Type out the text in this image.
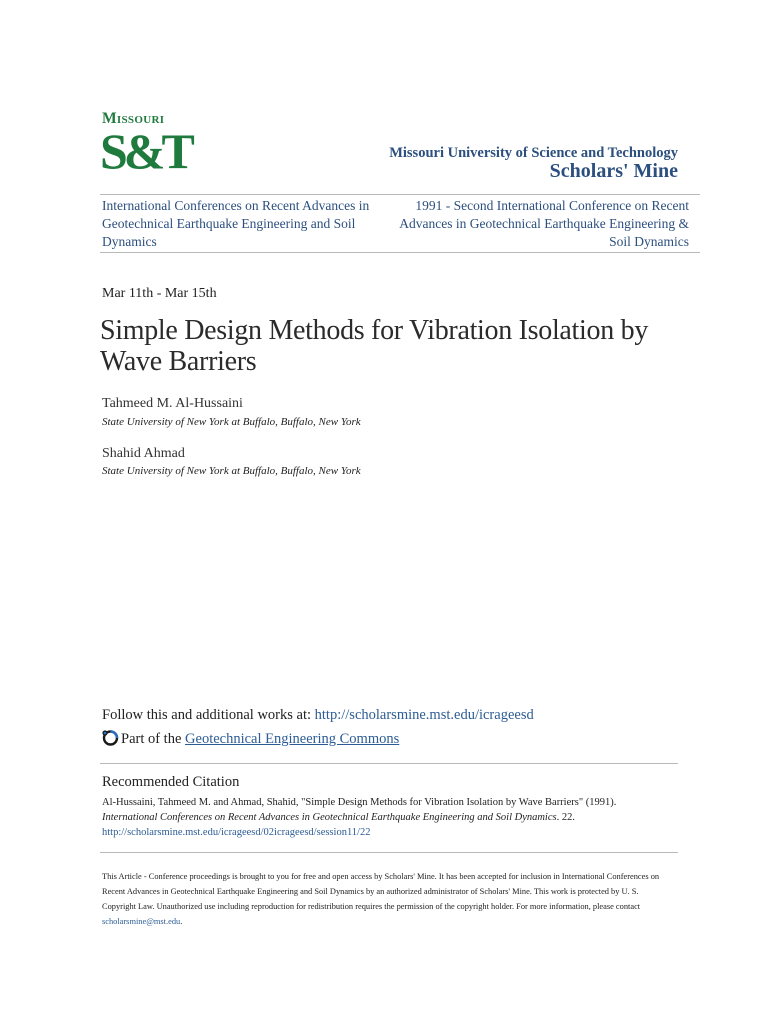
Missouri
S&T	Missouri University of Science and Technology
Scholars' Mine
International Conferences on Recent Advances in Geotechnical Earthquake Engineering and Soil Dynamics
1991 - Second International Conference on Recent Advances in Geotechnical Earthquake Engineering & Soil Dynamics
Mar 11th - Mar 15th
Simple Design Methods for Vibration Isolation by Wave Barriers
Tahmeed M. Al-Hussaini
State University of New York at Buffalo, Buffalo, New York
Shahid Ahmad
State University of New York at Buffalo, Buffalo, New York
Follow this and additional works at: http://scholarsmine.mst.edu/icrageesd
Part of the Geotechnical Engineering Commons
Recommended Citation
Al-Hussaini, Tahmeed M. and Ahmad, Shahid, "Simple Design Methods for Vibration Isolation by Wave Barriers" (1991).
International Conferences on Recent Advances in Geotechnical Earthquake Engineering and Soil Dynamics. 22.
http://scholarsmine.mst.edu/icrageesd/02icrageesd/session11/22
This Article - Conference proceedings is brought to you for free and open access by Scholars' Mine. It has been accepted for inclusion in International Conferences on Recent Advances in Geotechnical Earthquake Engineering and Soil Dynamics by an authorized administrator of Scholars' Mine. This work is protected by U. S. Copyright Law. Unauthorized use including reproduction for redistribution requires the permission of the copyright holder. For more information, please contact scholarsmine@mst.edu.
